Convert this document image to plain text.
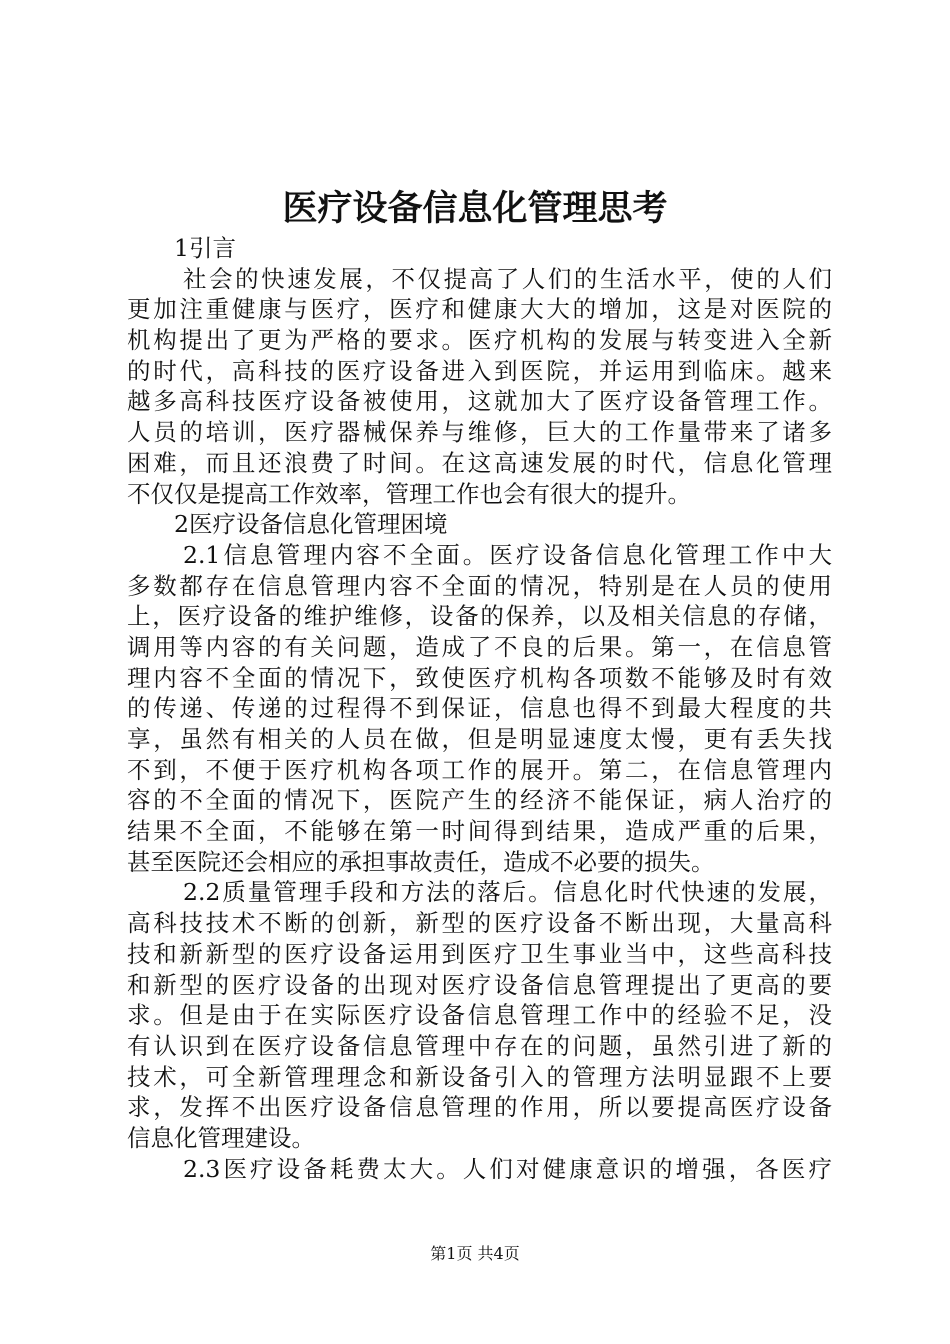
医疗设备信息化管理思考
1引言
社会的快速发展，不仅提高了人们的生活水平，使的人们
更加注重健康与医疗，医疗和健康大大的增加，这是对医院的
机构提出了更为严格的要求。医疗机构的发展与转变进入全新
的时代，高科技的医疗设备进入到医院，并运用到临床。越来
越多高科技医疗设备被使用，这就加大了医疗设备管理工作。
人员的培训，医疗器械保养与维修，巨大的工作量带来了诸多
困难，而且还浪费了时间。在这高速发展的时代，信息化管理
不仅仅是提高工作效率，管理工作也会有很大的提升。
2医疗设备信息化管理困境
2.1信息管理内容不全面。医疗设备信息化管理工作中大
多数都存在信息管理内容不全面的情况，特别是在人员的使用
上，医疗设备的维护维修，设备的保养，以及相关信息的存储，
调用等内容的有关问题，造成了不良的后果。第一，在信息管
理内容不全面的情况下，致使医疗机构各项数不能够及时有效
的传递、传递的过程得不到保证，信息也得不到最大程度的共
享，虽然有相关的人员在做，但是明显速度太慢，更有丢失找
不到，不便于医疗机构各项工作的展开。第二，在信息管理内
容的不全面的情况下，医院产生的经济不能保证，病人治疗的
结果不全面，不能够在第一时间得到结果，造成严重的后果，
甚至医院还会相应的承担事故责任，造成不必要的损失。
2.2质量管理手段和方法的落后。信息化时代快速的发展，
高科技技术不断的创新，新型的医疗设备不断出现，大量高科
技和新新型的医疗设备运用到医疗卫生事业当中，这些高科技
和新型的医疗设备的出现对医疗设备信息管理提出了更高的要
求。但是由于在实际医疗设备信息管理工作中的经验不足，没
有认识到在医疗设备信息管理中存在的问题，虽然引进了新的
技术，可全新管理理念和新设备引入的管理方法明显跟不上要
求，发挥不出医疗设备信息管理的作用，所以要提高医疗设备
信息化管理建设。
2.3医疗设备耗费太大。人们对健康意识的增强，各医疗
第1页 共4页
